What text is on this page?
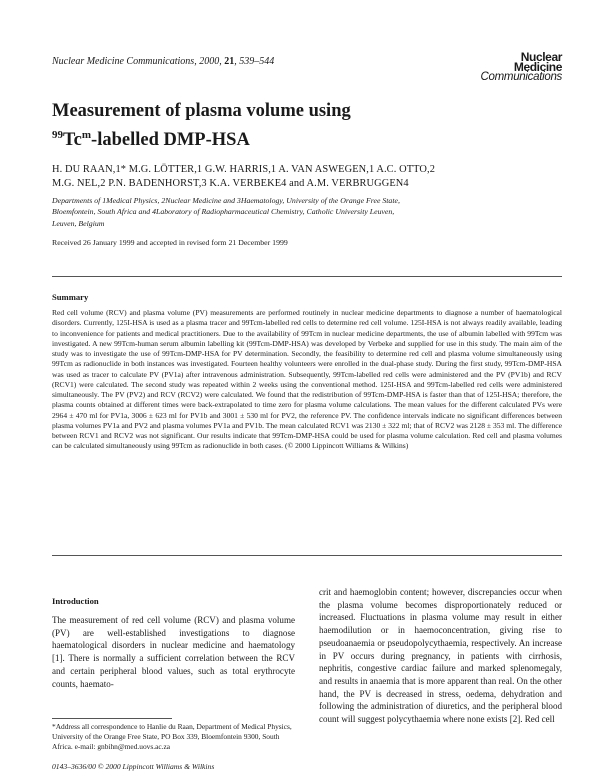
Nuclear Medicine Communications, 2000, 21, 539–544	Nuclear
Medicine
Communications
Measurement of plasma volume using
$^{99}$Tc$^m$-labelled DMP-HSA
H. DU RAAN,1* M.G. LÖTTER,1 G.W. HARRIS,1 A. VAN ASWEGEN,1 A.C. OTTO,2
M.G. NEL,2 P.N. BADENHORST,3 K.A. VERBEKE4 and A.M. VERBRUGGEN4
Departments of 1Medical Physics, 2Nuclear Medicine and 3Haematology, University of the Orange Free State,
Bloemfontein, South Africa and 4Laboratory of Radiopharmaceutical Chemistry, Catholic University Leuven,
Leuven, Belgium
Received 26 January 1999 and accepted in revised form 21 December 1999
Summary

Red cell volume (RCV) and plasma volume (PV) measurements are performed routinely in nuclear medicine departments to diagnose a number of haematological disorders. Currently, 125I-HSA is used as a plasma tracer and 99Tcm-labelled red cells to determine red cell volume. 125I-HSA is not always readily available, leading to inconvenience for patients and medical practitioners. Due to the availability of 99Tcm in nuclear medicine departments, the use of albumin labelled with 99Tcm was investigated. A new 99Tcm-human serum albumin labelling kit (99Tcm-DMP-HSA) was developed by Verbeke and supplied for use in this study. The main aim of the study was to investigate the use of 99Tcm-DMP-HSA for PV determination. Secondly, the feasibility to determine red cell and plasma volume simultaneously using 99Tcm as radionuclide in both instances was investigated. Fourteen healthy volunteers were enrolled in the dual-phase study. During the first study, 99Tcm-DMP-HSA was used as tracer to calculate PV (PV1a) after intravenous administration. Subsequently, 99Tcm-labelled red cells were administered and the PV (PV1b) and RCV (RCV1) were calculated. The second study was repeated within 2 weeks using the conventional method. 125I-HSA and 99Tcm-labelled red cells were administered simultaneously. The PV (PV2) and RCV (RCV2) were calculated. We found that the redistribution of 99Tcm-DMP-HSA is faster than that of 125I-HSA; therefore, the plasma counts obtained at different times were back-extrapolated to time zero for plasma volume calculations. The mean values for the different calculated PVs were 2964 ± 470 ml for PV1a, 3006 ± 623 ml for PV1b and 3001 ± 530 ml for PV2, the reference PV. The confidence intervals indicate no significant differences between plasma volumes PV1a and PV2 and plasma volumes PV1a and PV1b. The mean calculated RCV1 was 2130 ± 322 ml; that of RCV2 was 2128 ± 353 ml. The difference between RCV1 and RCV2 was not significant. Our results indicate that 99Tcm-DMP-HSA could be used for plasma volume calculation. Red cell and plasma volumes can be calculated simultaneously using 99Tcm as radionuclide in both cases. (© 2000 Lippincott Williams & Wilkins)

Introduction

The measurement of red cell volume (RCV) and plasma volume (PV) are well-established investigations to diagnose haematological disorders in nuclear medicine and haematology [1]. There is normally a sufficient correlation between the RCV and certain peripheral blood values, such as total erythrocyte counts, haemato-

crit and haemoglobin content; however, discrepancies occur when the plasma volume becomes disproportionately reduced or increased. Fluctuations in plasma volume may result in either haemodilution or in haemoconcentration, giving rise to pseudoanaemia or pseudopolycythaemia, respectively. An increase in PV occurs during pregnancy, in patients with cirrhosis, nephritis, congestive cardiac failure and marked splenomegaly, and results in anaemia that is more apparent than real. On the other hand, the PV is decreased in stress, oedema, dehydration and following the administration of diuretics, and the peripheral blood count will suggest polycythaemia where none exists [2]. Red cell

*Address all correspondence to Hanlie du Raan, Department of Medical Physics, University of the Orange Free State, PO Box 339, Bloemfontein 9300, South Africa. e-mail: gnbihn@med.uovs.ac.za

0143–3636/00 © 2000 Lippincott Williams & Wilkins
